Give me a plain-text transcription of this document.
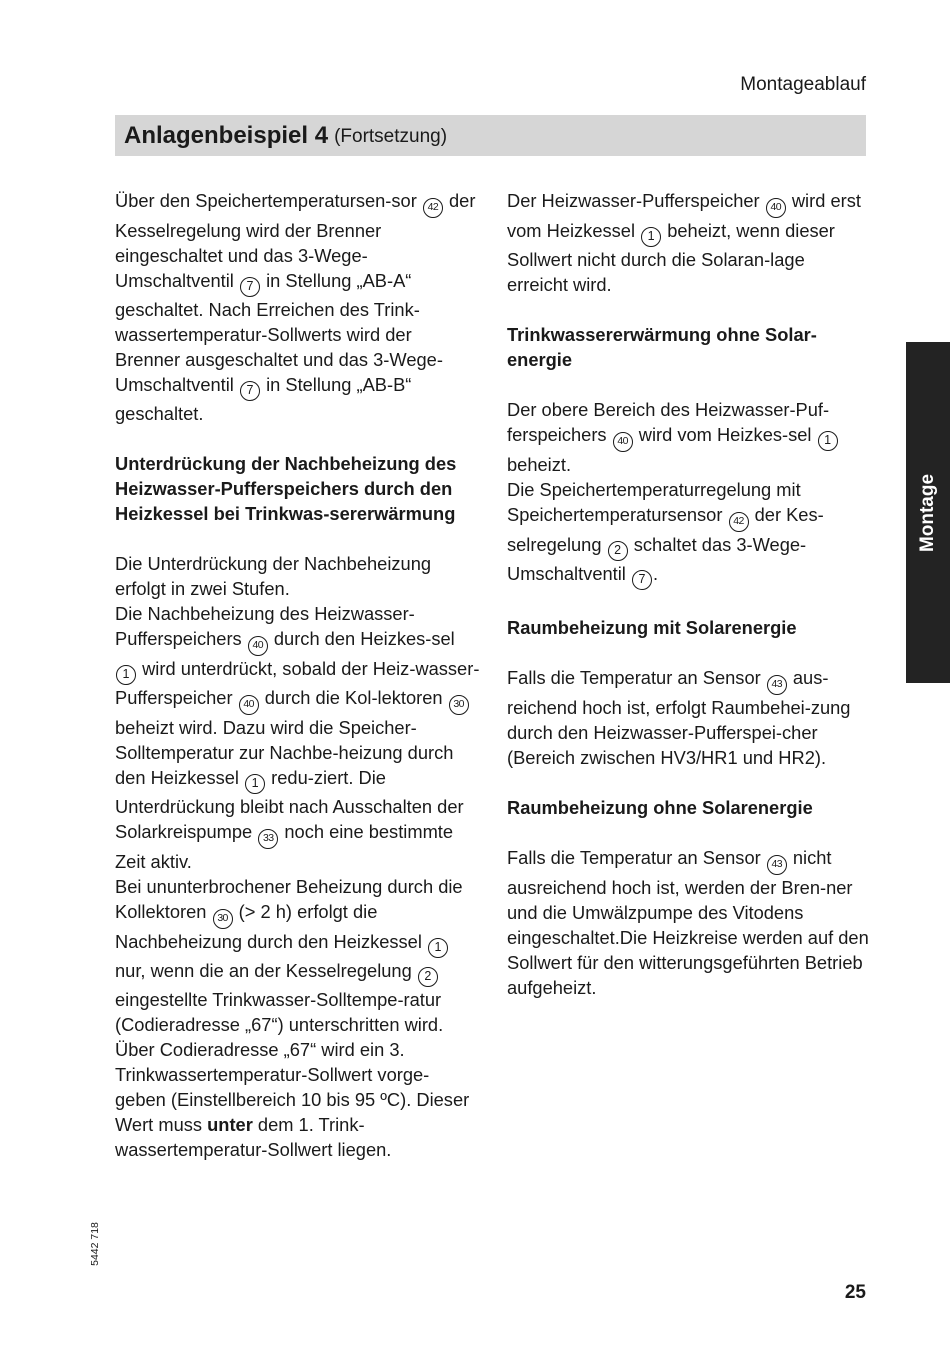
Montageablauf
Anlagenbeispiel 4 (Fortsetzung)

Über den Speichertemperatursen-sor 42 der Kesselregelung wird der Brenner eingeschaltet und das 3-Wege-Umschaltventil 7 in Stellung „AB-A“ geschaltet. Nach Erreichen des Trink-wassertemperatur-Sollwerts wird der Brenner ausgeschaltet und das 3-Wege-Umschaltventil 7 in Stellung „AB-B“ geschaltet.

Unterdrückung der Nachbeheizung des Heizwasser-Pufferspeichers durch den Heizkessel bei Trinkwas-sererwärmung

Die Unterdrückung der Nachbeheizung erfolgt in zwei Stufen.

Die Nachbeheizung des Heizwasser-Pufferspeichers 40 durch den Heizkes-sel 1 wird unterdrückt, sobald der Heiz-wasser-Pufferspeicher 40 durch die Kol-lektoren 30 beheizt wird. Dazu wird die Speicher-Solltemperatur zur Nachbe-heizung durch den Heizkessel 1 redu-ziert. Die Unterdrückung bleibt nach Ausschalten der Solarkreispumpe 33 noch eine bestimmte Zeit aktiv.

Bei ununterbrochener Beheizung durch die Kollektoren 30 (> 2 h) erfolgt die Nachbeheizung durch den Heizkessel 1 nur, wenn die an der Kesselregelung 2 eingestellte Trinkwasser-Solltempe-ratur (Codieradresse „67“) unterschritten wird.

Über Codieradresse „67“ wird ein 3. Trinkwassertemperatur-Sollwert vorge-geben (Einstellbereich 10 bis 95 ºC). Dieser Wert muss unter dem 1. Trink-wassertemperatur-Sollwert liegen.

Der Heizwasser-Pufferspeicher 40 wird erst vom Heizkessel 1 beheizt, wenn dieser Sollwert nicht durch die Solaran-lage erreicht wird.

Trinkwassererwärmung ohne Solar-energie

Der obere Bereich des Heizwasser-Puf-ferspeichers 40 wird vom Heizkes-sel 1 beheizt.

Die Speichertemperaturregelung mit Speichertemperatursensor 42 der Kes-selregelung 2 schaltet das 3-Wege-Umschaltventil 7 .

Raumbeheizung mit Solarenergie

Falls die Temperatur an Sensor 43 aus-reichend hoch ist, erfolgt Raumbehei-zung durch den Heizwasser-Pufferspei-cher (Bereich zwischen HV3/HR1 und HR2).

Raumbeheizung ohne Solarenergie

Falls die Temperatur an Sensor 43 nicht ausreichend hoch ist, werden der Bren-ner und die Umwälzpumpe des Vitodens eingeschaltet.Die Heizkreise werden auf den Sollwert für den witterungsgeführten Betrieb aufgeheizt.

Montage
5442 718
25
